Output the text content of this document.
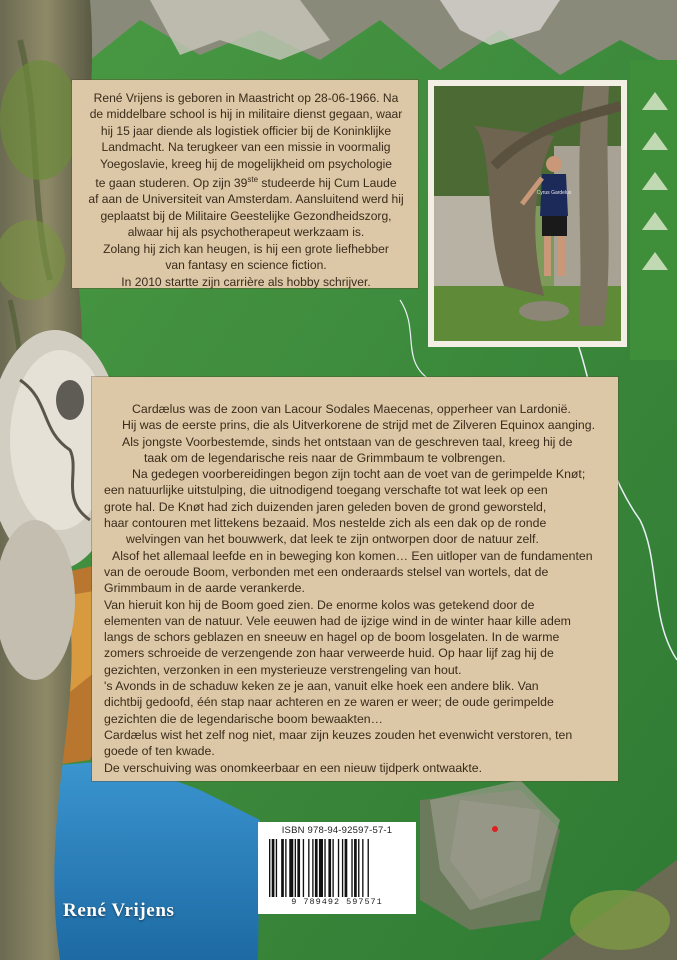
René Vrijens is geboren in Maastricht op 28-06-1966. Na

de middelbare school is hij in militaire dienst gegaan, waar

hij 15 jaar diende als logistiek officier bij de Koninklijke

Landmacht. Na terugkeer van een missie in voormalig

Yoegoslavie, kreeg hij de mogelijkheid om psychologie

te gaan studeren. Op zijn 39ste studeerde hij Cum Laude

af aan de Universiteit van Amsterdam. Aansluitend werd hij

geplaatst bij de Militaire Geestelijke Gezondheidszorg,

alwaar hij als psychotherapeut werkzaam is.

Zolang hij zich kan heugen, is hij een grote liefhebber

van fantasy en science fiction.

In 2010 startte zijn carrière als hobby schrijver.

Cyrus Gardelus

Cardælus was de zoon van Lacour Sodales Maecenas, opperheer van Lardonië.

Hij was de eerste prins, die als Uitverkorene de strijd met de Zilveren Equinox aanging.

Als jongste Voorbestemde, sinds het ontstaan van de geschreven taal, kreeg hij de

taak om de legendarische reis naar de Grimmbaum te volbrengen.

Na gedegen voorbereidingen begon zijn tocht aan de voet van de gerimpelde Knøt;

een natuurlijke uitstulping, die uitnodigend toegang verschafte tot wat leek op een

grote hal. De Knøt had zich duizenden jaren geleden boven de grond geworsteld,

haar contouren met littekens bezaaid. Mos nestelde zich als een dak op de ronde

welvingen van het bouwwerk, dat leek te zijn ontworpen door de natuur zelf.

Alsof het allemaal leefde en in beweging kon komen… Een uitloper van de fundamenten

van de oeroude Boom, verbonden met een onderaards stelsel van wortels, dat de

Grimmbaum in de aarde verankerde.

Van hieruit kon hij de Boom goed zien. De enorme kolos was getekend door de

elementen van de natuur. Vele eeuwen had de ijzige wind in de winter haar kille adem

langs de schors geblazen en sneeuw en hagel op de boom losgelaten. In de warme

zomers schroeide de verzengende zon haar verweerde huid. Op haar lijf zag hij de

gezichten, verzonken in een mysterieuze verstrengeling van hout.

's Avonds in de schaduw keken ze je aan, vanuit elke hoek een andere blik. Van

dichtbij gedoofd, één stap naar achteren en ze waren er weer; de oude gerimpelde

gezichten die de legendarische boom bewaakten…

Cardælus wist het zelf nog niet, maar zijn keuzes zouden het evenwicht verstoren, ten

goede of ten kwade.

De verschuiving was onomkeerbaar en een nieuw tijdperk ontwaakte.

ISBN 978-94-92597-57-1
9 789492 597571
René Vrijens
